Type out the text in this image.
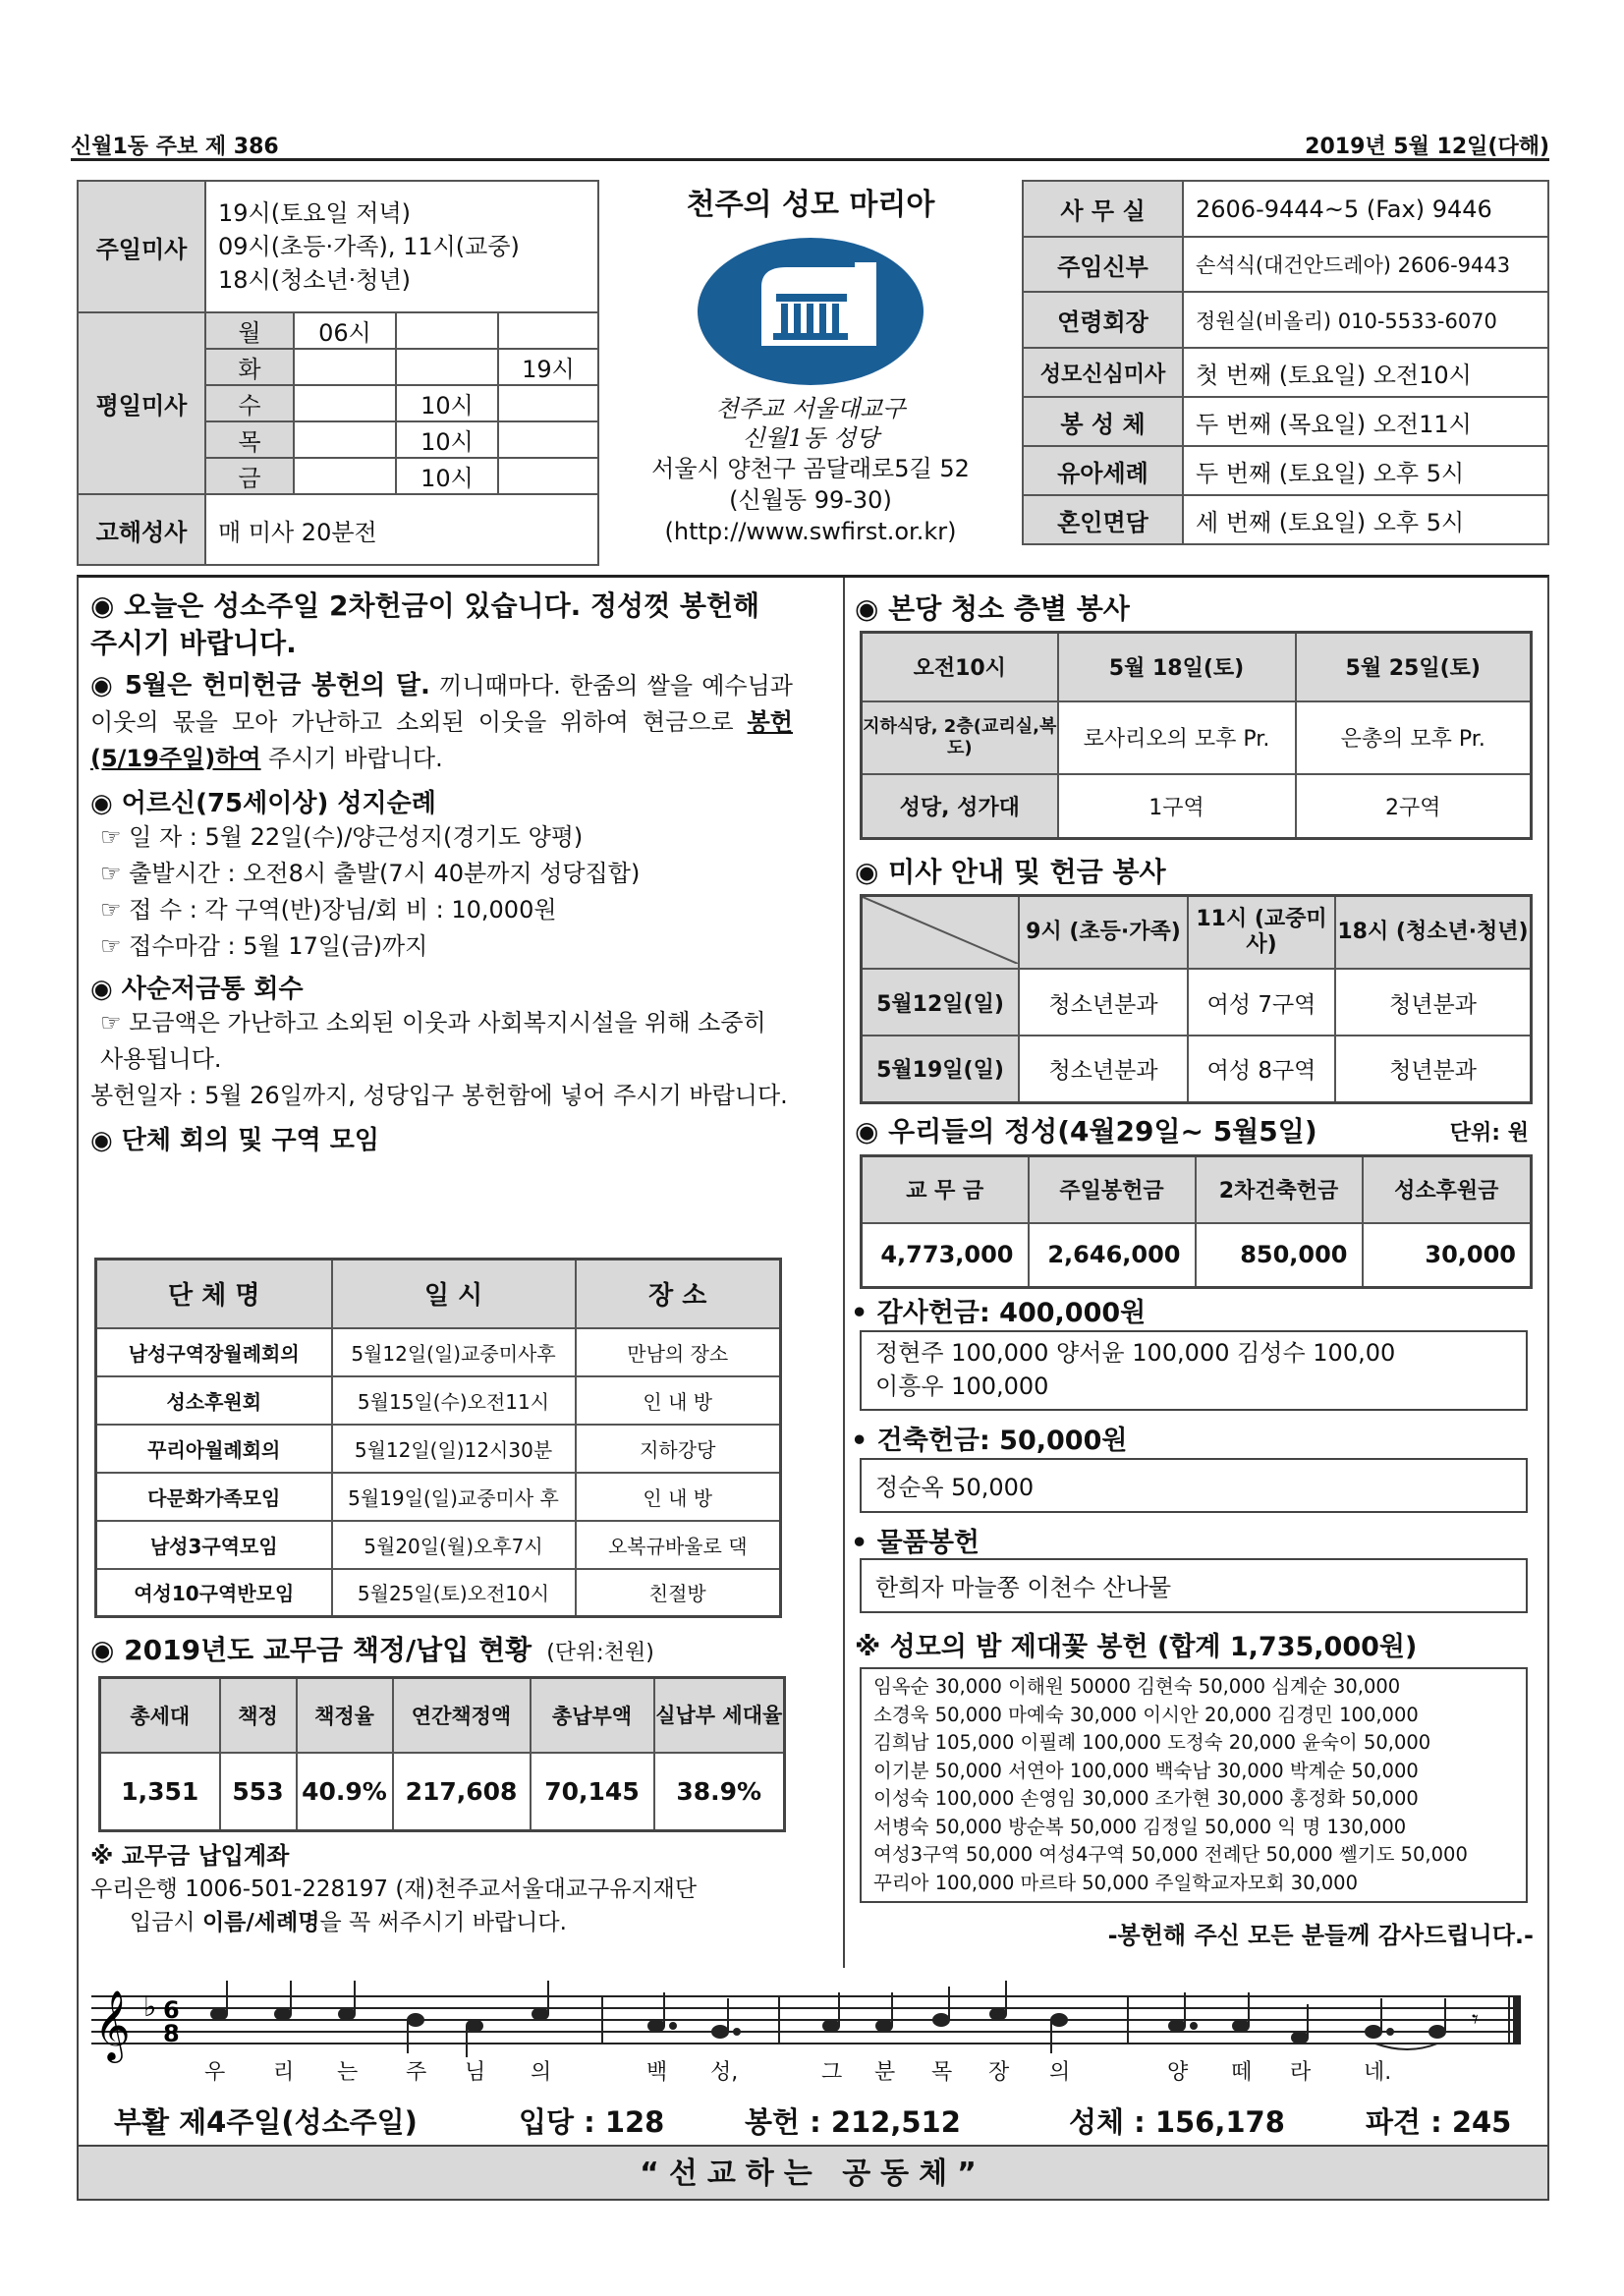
신월1동 주보 제 386	2019년 5월 12일(다해)
주일미사	19시(토요일 저녁)
09시(초등·가족), 11시(교중)
18시(청소년·청년)			

평일미사	월	06시		
	화			19시
	수		10시	
	목		10시	
	금		10시	
고해성사	매 미사 20분전			
천주의 성모 마리아
천주교 서울대교구
신월1동 성당
서울시 양천구 곰달래로5길 52
(신월동 99-30)
(http://www.swfirst.or.kr)
사 무 실	2606-9444~5 (Fax) 9446
주임신부	손석식(대건안드레아) 2606-9443
연령회장	정원실(비올리) 010-5533-6070
성모신심미사	첫 번째 (토요일) 오전10시
봉 성 체	두 번째 (목요일) 오전11시
유아세례	두 번째 (토요일) 오후 5시
혼인면담	세 번째 (토요일) 오후 5시
◉ 오늘은 성소주일 2차헌금이 있습니다. 정성껏 봉헌해 주시기 바랍니다.
◉ 5월은 헌미헌금 봉헌의 달. 끼니때마다. 한줌의 쌀을 예수님과 이웃의 몫을 모아 가난하고 소외된 이웃을 위하여 현금으로 봉헌(5/19주일)하여 주시기 바랍니다.
◉ 어르신(75세이상) 성지순례
☞ 일 자 : 5월 22일(수)/양근성지(경기도 양평)
☞ 출발시간 : 오전8시 출발(7시 40분까지 성당집합)
☞ 접 수 : 각 구역(반)장님/회 비 : 10,000원
☞ 접수마감 : 5월 17일(금)까지
◉ 사순저금통 회수
☞ 모금액은 가난하고 소외된 이웃과 사회복지시설을 위해 소중히 사용됩니다.
봉헌일자 : 5월 26일까지, 성당입구 봉헌함에 넣어 주시기 바랍니다.
◉ 단체 회의 및 구역 모임
단 체 명	일 시	장 소
남성구역장월례회의	5월12일(일)교중미사후	만남의 장소
성소후원회	5월15일(수)오전11시	인 내 방
꾸리아월례회의	5월12일(일)12시30분	지하강당
다문화가족모임	5월19일(일)교중미사 후	인 내 방
남성3구역모임	5월20일(월)오후7시	오복규바울로 댁
여성10구역반모임	5월25일(토)오전10시	친절방
◉ 2019년도 교무금 책정/납입 현황 (단위:천원)
총세대	책정	책정율	연간책정액	총납부액	실납부 세대율
1,351	553	40.9%	217,608	70,145	38.9%
※ 교무금 납입계좌
우리은행 1006-501-228197 (재)천주교서울대교구유지재단
입금시 이름/세례명을 꼭 써주시기 바랍니다.
◉ 본당 청소 층별 봉사
오전10시	5월 18일(토)	5월 25일(토)
지하식당, 2층(교리실,복도)	로사리오의 모후 Pr.	은총의 모후 Pr.
성당, 성가대	1구역	2구역
◉ 미사 안내 및 헌금 봉사
	9시 (초등·가족)	11시 (교중미사)	18시 (청소년·청년)
5월12일(일)	청소년분과	여성 7구역	청년분과
5월19일(일)	청소년분과	여성 8구역	청년분과
◉ 우리들의 정성(4월29일~ 5월5일)	단위: 원
교 무 금	주일봉헌금	2차건축헌금	성소후원금
4,773,000	2,646,000	850,000	30,000
• 감사헌금: 400,000원
정현주 100,000 양서윤 100,000 김성수 100,00
이흥우 100,000
• 건축헌금: 50,000원
정순옥 50,000
• 물품봉헌
한희자 마늘쫑 이천수 산나물
※ 성모의 밤 제대꽃 봉헌 (합계 1,735,000원)
임옥순 30,000 이해원 50000 김현숙 50,000 심계순 30,000
소경욱 50,000 마예숙 30,000 이시안 20,000 김경민 100,000
김희남 105,000 이필례 100,000 도정숙 20,000 윤숙이 50,000
이기분 50,000 서연아 100,000 백숙남 30,000 박계순 50,000
이성숙 100,000 손영임 30,000 조가현 30,000 홍정화 50,000
서병숙 50,000 방순복 50,000 김정일 50,000 익 명 130,000
여성3구역 50,000 여성4구역 50,000 전례단 50,000 쎌기도 50,000
꾸리아 100,000 마르타 50,000 주일학교자모회 30,000
-봉헌해 주신 모든 분들께 감사드립니다.-
𝄞 ♭ 6
8	𝄾
우 리 는 주 님 의	백 성,	그 분 목 장 의	양 떼 라 네.
부활 제4주일(성소주일)	입당 : 128	봉헌 : 212,512	성체 : 156,178	파견 : 245
“선교하는 공동체”
